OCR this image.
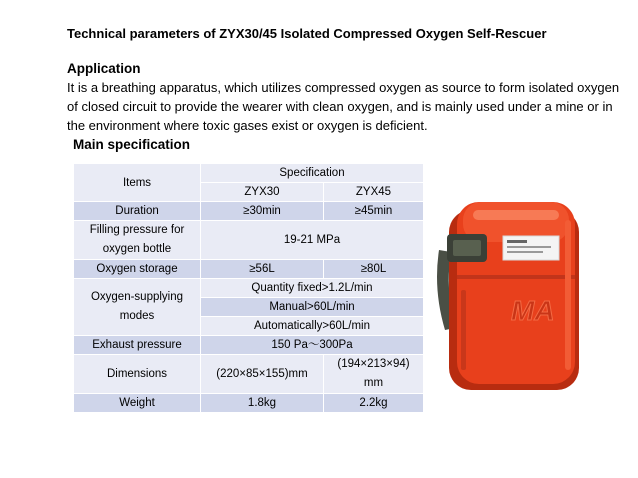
Technical parameters of ZYX30/45 Isolated Compressed Oxygen Self-Rescuer
Application
It is a breathing apparatus, which utilizes compressed oxygen as source to form isolated oxygen of closed circuit to provide the wearer with clean oxygen, and is mainly used under a mine or in the environment where toxic gases exist or oxygen is deficient.
Main specification
Items	Specification	
	ZYX30	ZYX45
Duration	≥30min	≥45min
Filling pressure for
oxygen bottle	19-21 MPa	
Oxygen storage	≥56L	≥80L
Oxygen-supplying
modes	Quantity fixed>1.2L/min	
	Manual>60L/min	
	Automatically>60L/min	
Exhaust pressure	150 Pa～300Pa	
Dimensions	(220×85×155)mm	(194×213×94)
mm
Weight	1.8kg	2.2kg
MA
